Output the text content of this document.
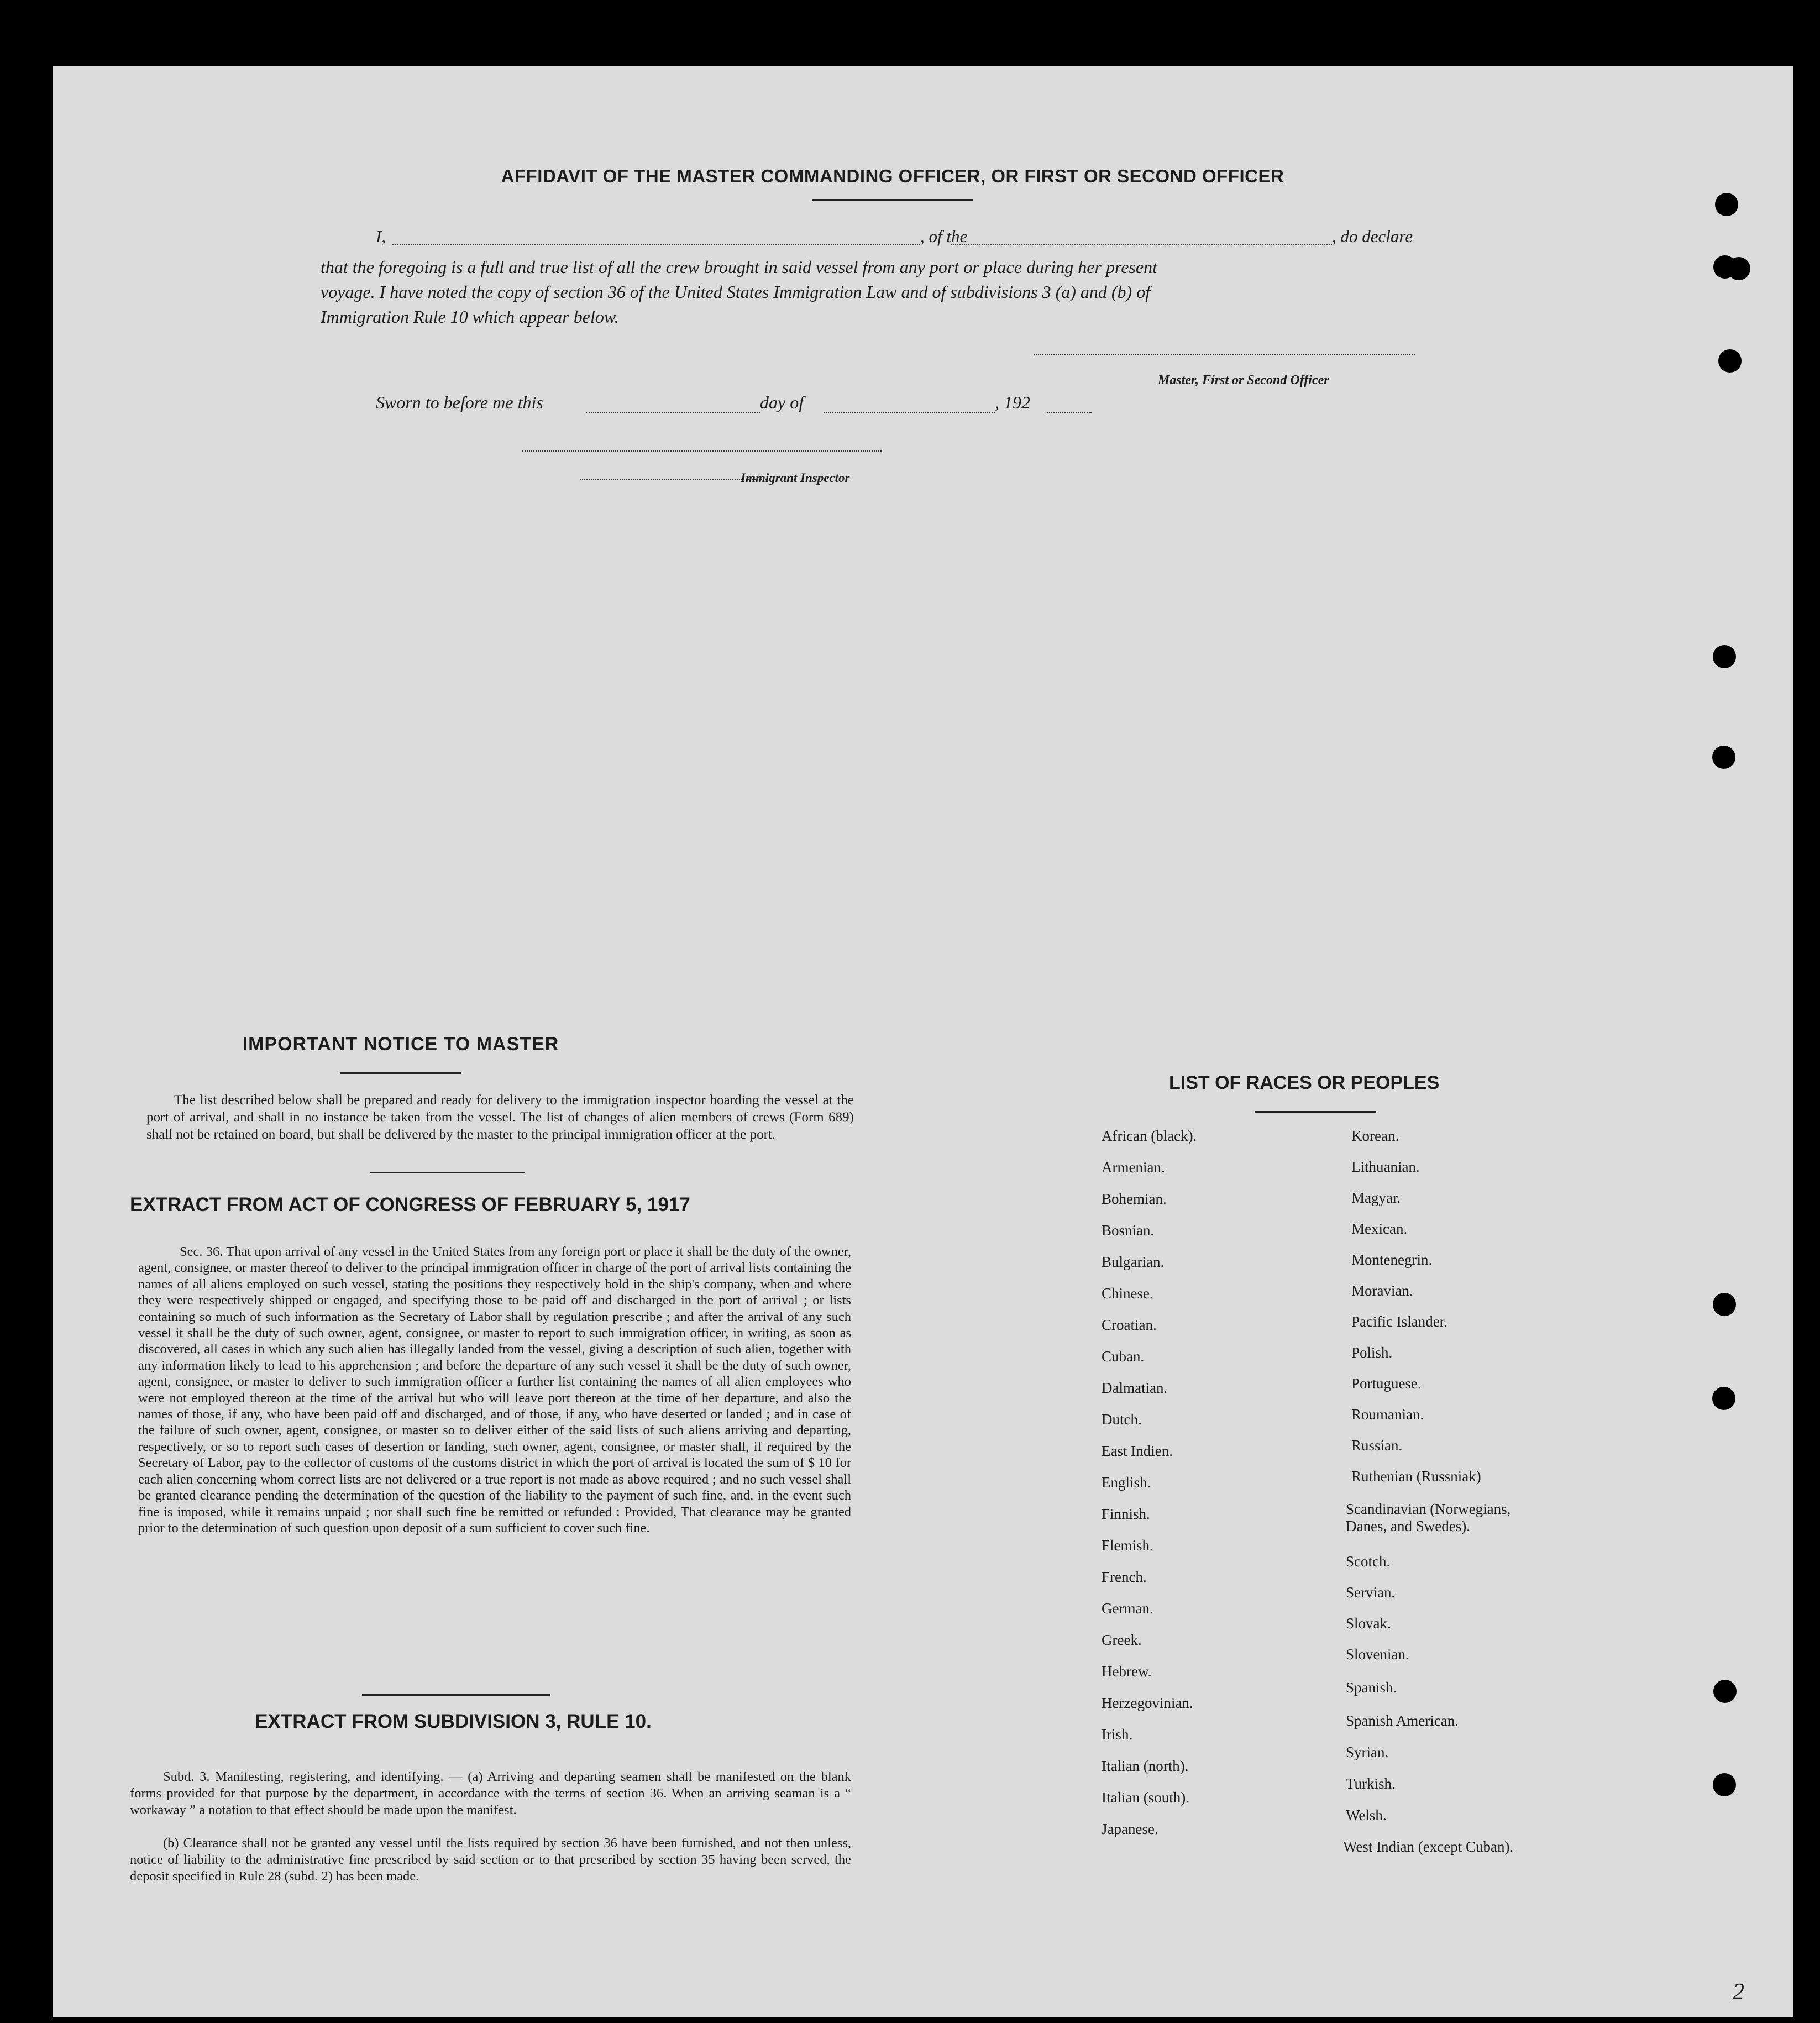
AFFIDAVIT OF THE MASTER COMMANDING OFFICER, OR FIRST OR SECOND OFFICER
I,	, of the	, do declare
that the foregoing is a full and true list of all the crew brought in said vessel from any port or place during her present
voyage. I have noted the copy of section 36 of the United States Immigration Law and of subdivisions 3 (a) and (b) of
Immigration Rule 10 which appear below.
Master, First or Second Officer
Sworn to before me this	day of	, 192
Immigrant Inspector
IMPORTANT NOTICE TO MASTER
The list described below shall be prepared and ready for delivery to the immigration inspector boarding the vessel at the port of arrival, and shall in no instance be taken from the vessel. The list of changes of alien members of crews (Form 689) shall not be retained on board, but shall be delivered by the master to the principal immigration officer at the port.
EXTRACT FROM ACT OF CONGRESS OF FEBRUARY 5, 1917
Sec. 36. That upon arrival of any vessel in the United States from any foreign port or place it shall be the duty of the owner, agent, consignee, or master thereof to deliver to the principal immigration officer in charge of the port of arrival lists containing the names of all aliens employed on such vessel, stating the positions they respectively hold in the ship's company, when and where they were respectively shipped or engaged, and specifying those to be paid off and discharged in the port of arrival ; or lists containing so much of such information as the Secretary of Labor shall by regulation prescribe ; and after the arrival of any such vessel it shall be the duty of such owner, agent, consignee, or master to report to such immigration officer, in writing, as soon as discovered, all cases in which any such alien has illegally landed from the vessel, giving a description of such alien, together with any information likely to lead to his apprehension ; and before the departure of any such vessel it shall be the duty of such owner, agent, consignee, or master to deliver to such immigration officer a further list containing the names of all alien employees who were not employed thereon at the time of the arrival but who will leave port thereon at the time of her departure, and also the names of those, if any, who have been paid off and discharged, and of those, if any, who have deserted or landed ; and in case of the failure of such owner, agent, consignee, or master so to deliver either of the said lists of such aliens arriving and departing, respectively, or so to report such cases of desertion or landing, such owner, agent, consignee, or master shall, if required by the Secretary of Labor, pay to the collector of customs of the customs district in which the port of arrival is located the sum of $ 10 for each alien concerning whom correct lists are not delivered or a true report is not made as above required ; and no such vessel shall be granted clearance pending the determination of the question of the liability to the payment of such fine, and, in the event such fine is imposed, while it remains unpaid ; nor shall such fine be remitted or refunded : Provided, That clearance may be granted prior to the determination of such question upon deposit of a sum sufficient to cover such fine.
EXTRACT FROM SUBDIVISION 3, RULE 10.
Subd. 3. Manifesting, registering, and identifying. — (a) Arriving and departing seamen shall be manifested on the blank forms provided for that purpose by the department, in accordance with the terms of section 36. When an arriving seaman is a “ workaway ” a notation to that effect should be made upon the manifest.
(b) Clearance shall not be granted any vessel until the lists required by section 36 have been furnished, and not then unless, notice of liability to the administrative fine prescribed by said section or to that prescribed by section 35 having been served, the deposit specified in Rule 28 (subd. 2) has been made.
LIST OF RACES OR PEOPLES
African (black).
Armenian.
Bohemian.
Bosnian.
Bulgarian.
Chinese.
Croatian.
Cuban.
Dalmatian.
Dutch.
East Indien.
English.
Finnish.
Flemish.
French.
German.
Greek.
Hebrew.
Herzegovinian.
Irish.
Italian (north).
Italian (south).
Japanese.
Korean.
Lithuanian.
Magyar.
Mexican.
Montenegrin.
Moravian.
Pacific Islander.
Polish.
Portuguese.
Roumanian.
Russian.
Ruthenian (Russniak)
Scandinavian (Norwegians,
Danes, and Swedes).
Scotch.
Servian.
Slovak.
Slovenian.
Spanish.
Spanish American.
Syrian.
Turkish.
Welsh.
West Indian (except Cuban).
2
